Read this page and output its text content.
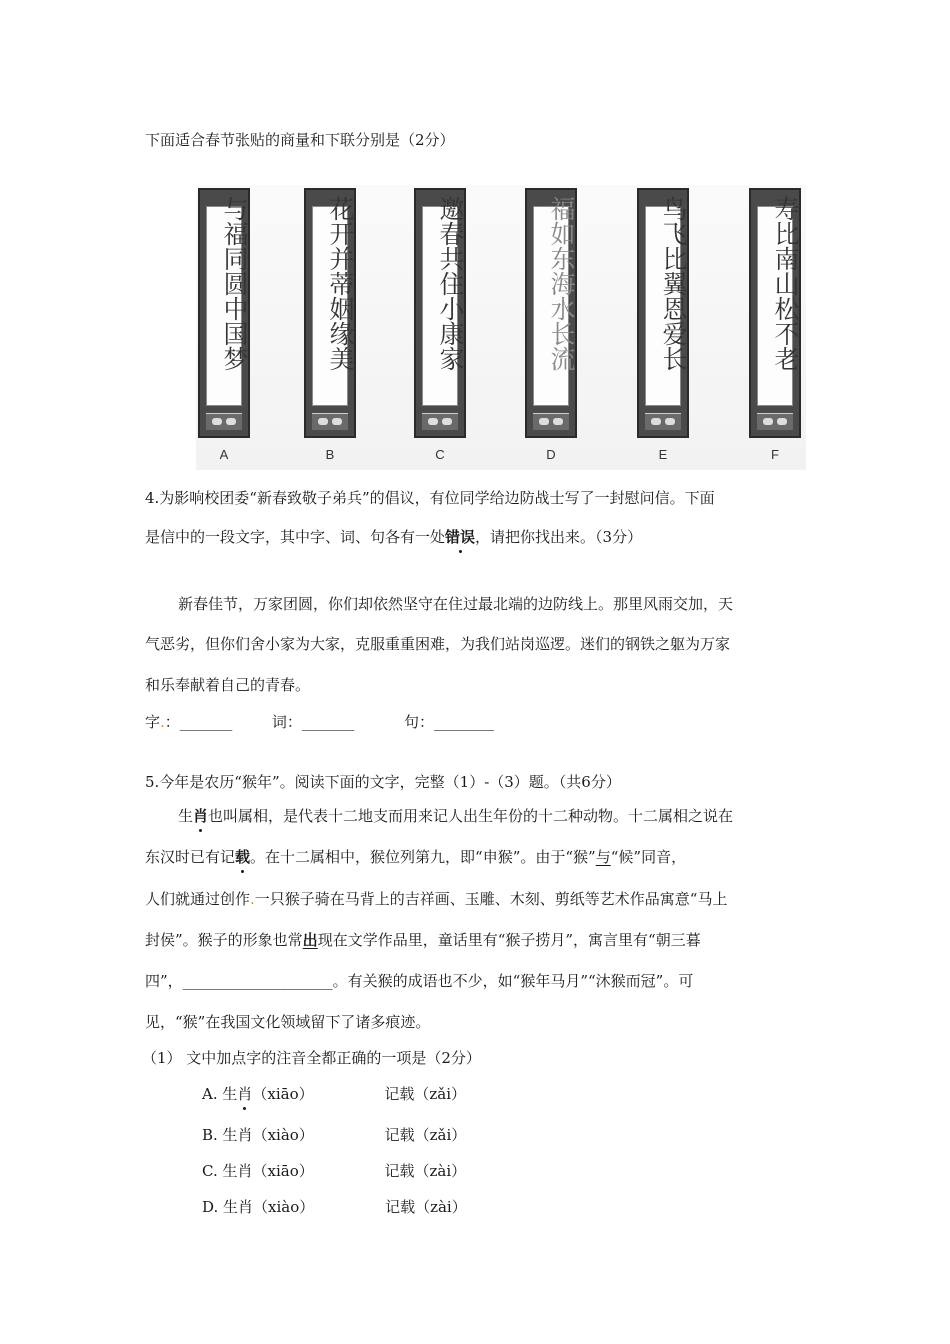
下面适合春节张贴的商量和下联分别是（2分）
与福同圆中国梦
A
花开并蒂姻缘美
B
邀春共住小康家
C
福如东海水长流
D
鸟飞比翼恩爱长
E
寿比南山松不老
F
4.为影响校团委“新春致敬子弟兵”的倡议，有位同学给边防战士写了一封慰问信。下面
是信中的一段文字，其中字、词、句各有一处错误，请把你找出来。（3分）
新春佳节，万家团圆，你们却依然坚守在住过最北端的边防线上。那里风雨交加，天
气恶劣，但你们舍小家为大家，克服重重困难，为我们站岗巡逻。迷们的钢铁之躯为万家
和乐奉献着自己的青春。
字.：_______	词：_______	句：________
5.今年是农历“猴年”。阅读下面的文字，完整（1）-（3）题。（共6分）
生肖也叫属相，是代表十二地支而用来记人出生年份的十二种动物。十二属相之说在
东汉时已有记载。在十二属相中，猴位列第九，即“申猴”。由于“猴”与“候”同音，
人们就通过创作.一只猴子骑在马背上的吉祥画、玉雕、木刻、剪纸等艺术作品寓意“马上
封侯”。猴子的形象也常出现在文学作品里，童话里有“猴子捞月”，寓言里有“朝三暮
四”，____________________。有关猴的成语也不少，如“猴年马月”“沐猴而冠”。可
见，“猴”在我国文化领域留下了诸多痕迹。
（1） 文中加点字的注音全都正确的一项是（2分）
A. 生肖（xiāo）	记载（zǎi）
B. 生肖（xiào）	记载（zǎi）
C. 生肖（xiāo）	记载（zài）
D. 生肖（xiào）	记载（zài）
